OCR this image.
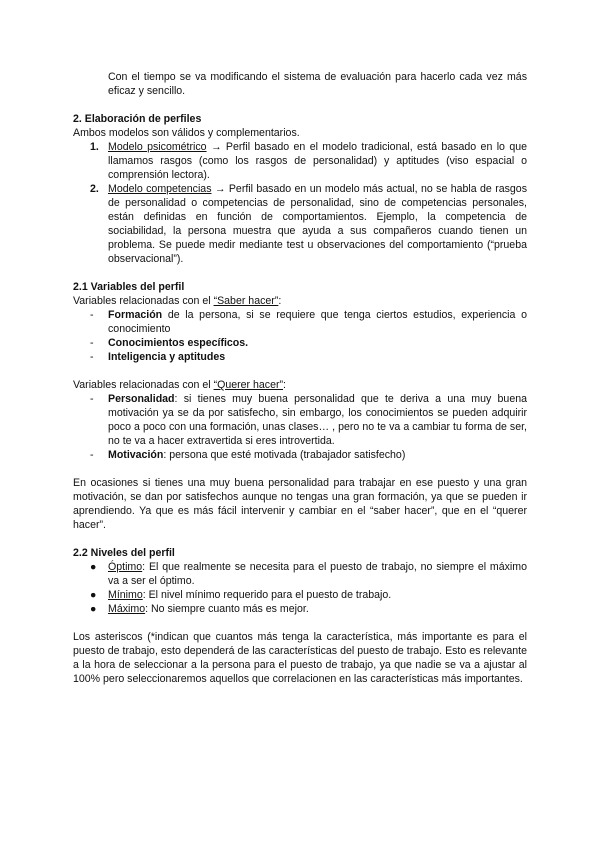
Con el tiempo se va modificando el sistema de evaluación para hacerlo cada vez más eficaz y sencillo.

2. Elaboración de perfiles

Ambos modelos son válidos y complementarios.

1. Modelo psicométrico → Perfil basado en el modelo tradicional, está basado en lo que llamamos rasgos (como los rasgos de personalidad) y aptitudes (viso espacial o comprensión lectora).
2. Modelo competencias → Perfil basado en un modelo más actual, no se habla de rasgos de personalidad o competencias de personalidad, sino de competencias personales, están definidas en función de comportamientos. Ejemplo, la competencia de sociabilidad, la persona muestra que ayuda a sus compañeros cuando tienen un problema. Se puede medir mediante test u observaciones del comportamiento (“prueba observacional”).
2.1 Variables del perfil

Variables relacionadas con el “Saber hacer”:

- Formación de la persona, si se requiere que tenga ciertos estudios, experiencia o conocimiento
- Conocimientos específicos.
- Inteligencia y aptitudes

Variables relacionadas con el “Querer hacer”:

- Personalidad: si tienes muy buena personalidad que te deriva a una muy buena motivación ya se da por satisfecho, sin embargo, los conocimientos se pueden adquirir poco a poco con una formación, unas clases… , pero no te va a cambiar tu forma de ser, no te va a hacer extravertida si eres introvertida.
- Motivación: persona que esté motivada (trabajador satisfecho)

En ocasiones si tienes una muy buena personalidad para trabajar en ese puesto y una gran motivación, se dan por satisfechos aunque no tengas una gran formación, ya que se pueden ir aprendiendo. Ya que es más fácil intervenir y cambiar en el “saber hacer”, que en el “querer hacer”.

2.2 Niveles del perfil
● Óptimo: El que realmente se necesita para el puesto de trabajo, no siempre el máximo va a ser el óptimo.
● Mínimo: El nivel mínimo requerido para el puesto de trabajo.
● Máximo: No siempre cuanto más es mejor.

Los asteriscos (*indican que cuantos más tenga la característica, más importante es para el puesto de trabajo, esto dependerá de las características del puesto de trabajo. Esto es relevante a la hora de seleccionar a la persona para el puesto de trabajo, ya que nadie se va a ajustar al 100% pero seleccionaremos aquellos que correlacionen en las características más importantes.
